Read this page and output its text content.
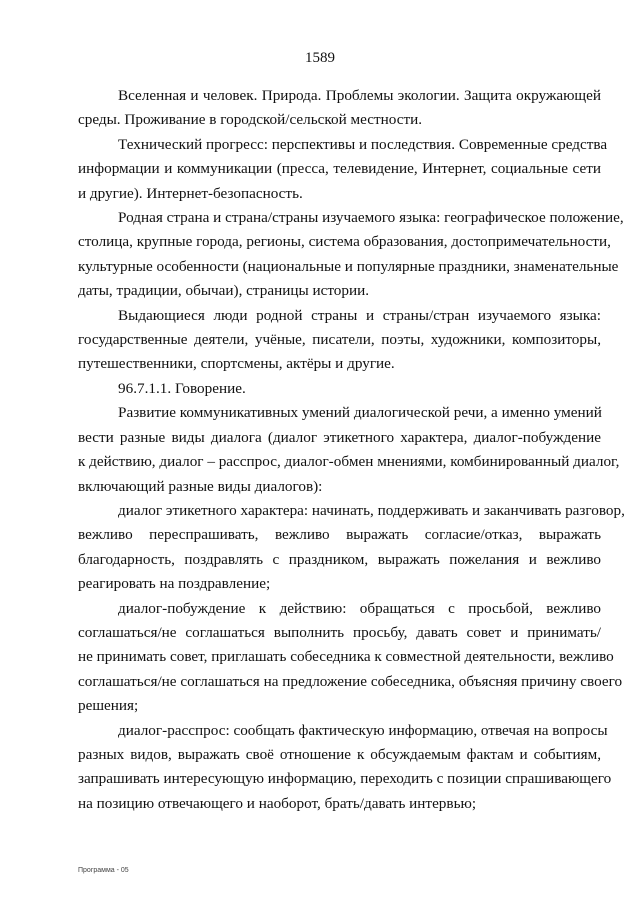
1589
Вселенная и человек. Природа. Проблемы экологии. Защита окружающей
среды. Проживание в городской/сельской местности.
Технический прогресс: перспективы и последствия. Современные средства
информации и коммуникации (пресса, телевидение, Интернет, социальные сети
и другие). Интернет-безопасность.
Родная страна и страна/страны изучаемого языка: географическое положение,
столица, крупные города, регионы, система образования, достопримечательности,
культурные особенности (национальные и популярные праздники, знаменательные
даты, традиции, обычаи), страницы истории.
Выдающиеся люди родной страны и страны/стран изучаемого языка:
государственные деятели, учёные, писатели, поэты, художники, композиторы,
путешественники, спортсмены, актёры и другие.
96.7.1.1. Говорение.
Развитие коммуникативных умений диалогической речи, а именно умений
вести разные виды диалога (диалог этикетного характера, диалог-побуждение
к действию, диалог – расспрос, диалог-обмен мнениями, комбинированный диалог,
включающий разные виды диалогов):
диалог этикетного характера: начинать, поддерживать и заканчивать разговор,
вежливо переспрашивать, вежливо выражать согласие/отказ, выражать
благодарность, поздравлять с праздником, выражать пожелания и вежливо
реагировать на поздравление;
диалог-побуждение к действию: обращаться с просьбой, вежливо
соглашаться/не соглашаться выполнить просьбу, давать совет и принимать/
не принимать совет, приглашать собеседника к совместной деятельности, вежливо
соглашаться/не соглашаться на предложение собеседника, объясняя причину своего
решения;
диалог-расспрос: сообщать фактическую информацию, отвечая на вопросы
разных видов, выражать своё отношение к обсуждаемым фактам и событиям,
запрашивать интересующую информацию, переходить с позиции спрашивающего
на позицию отвечающего и наоборот, брать/давать интервью;
Программа - 05
